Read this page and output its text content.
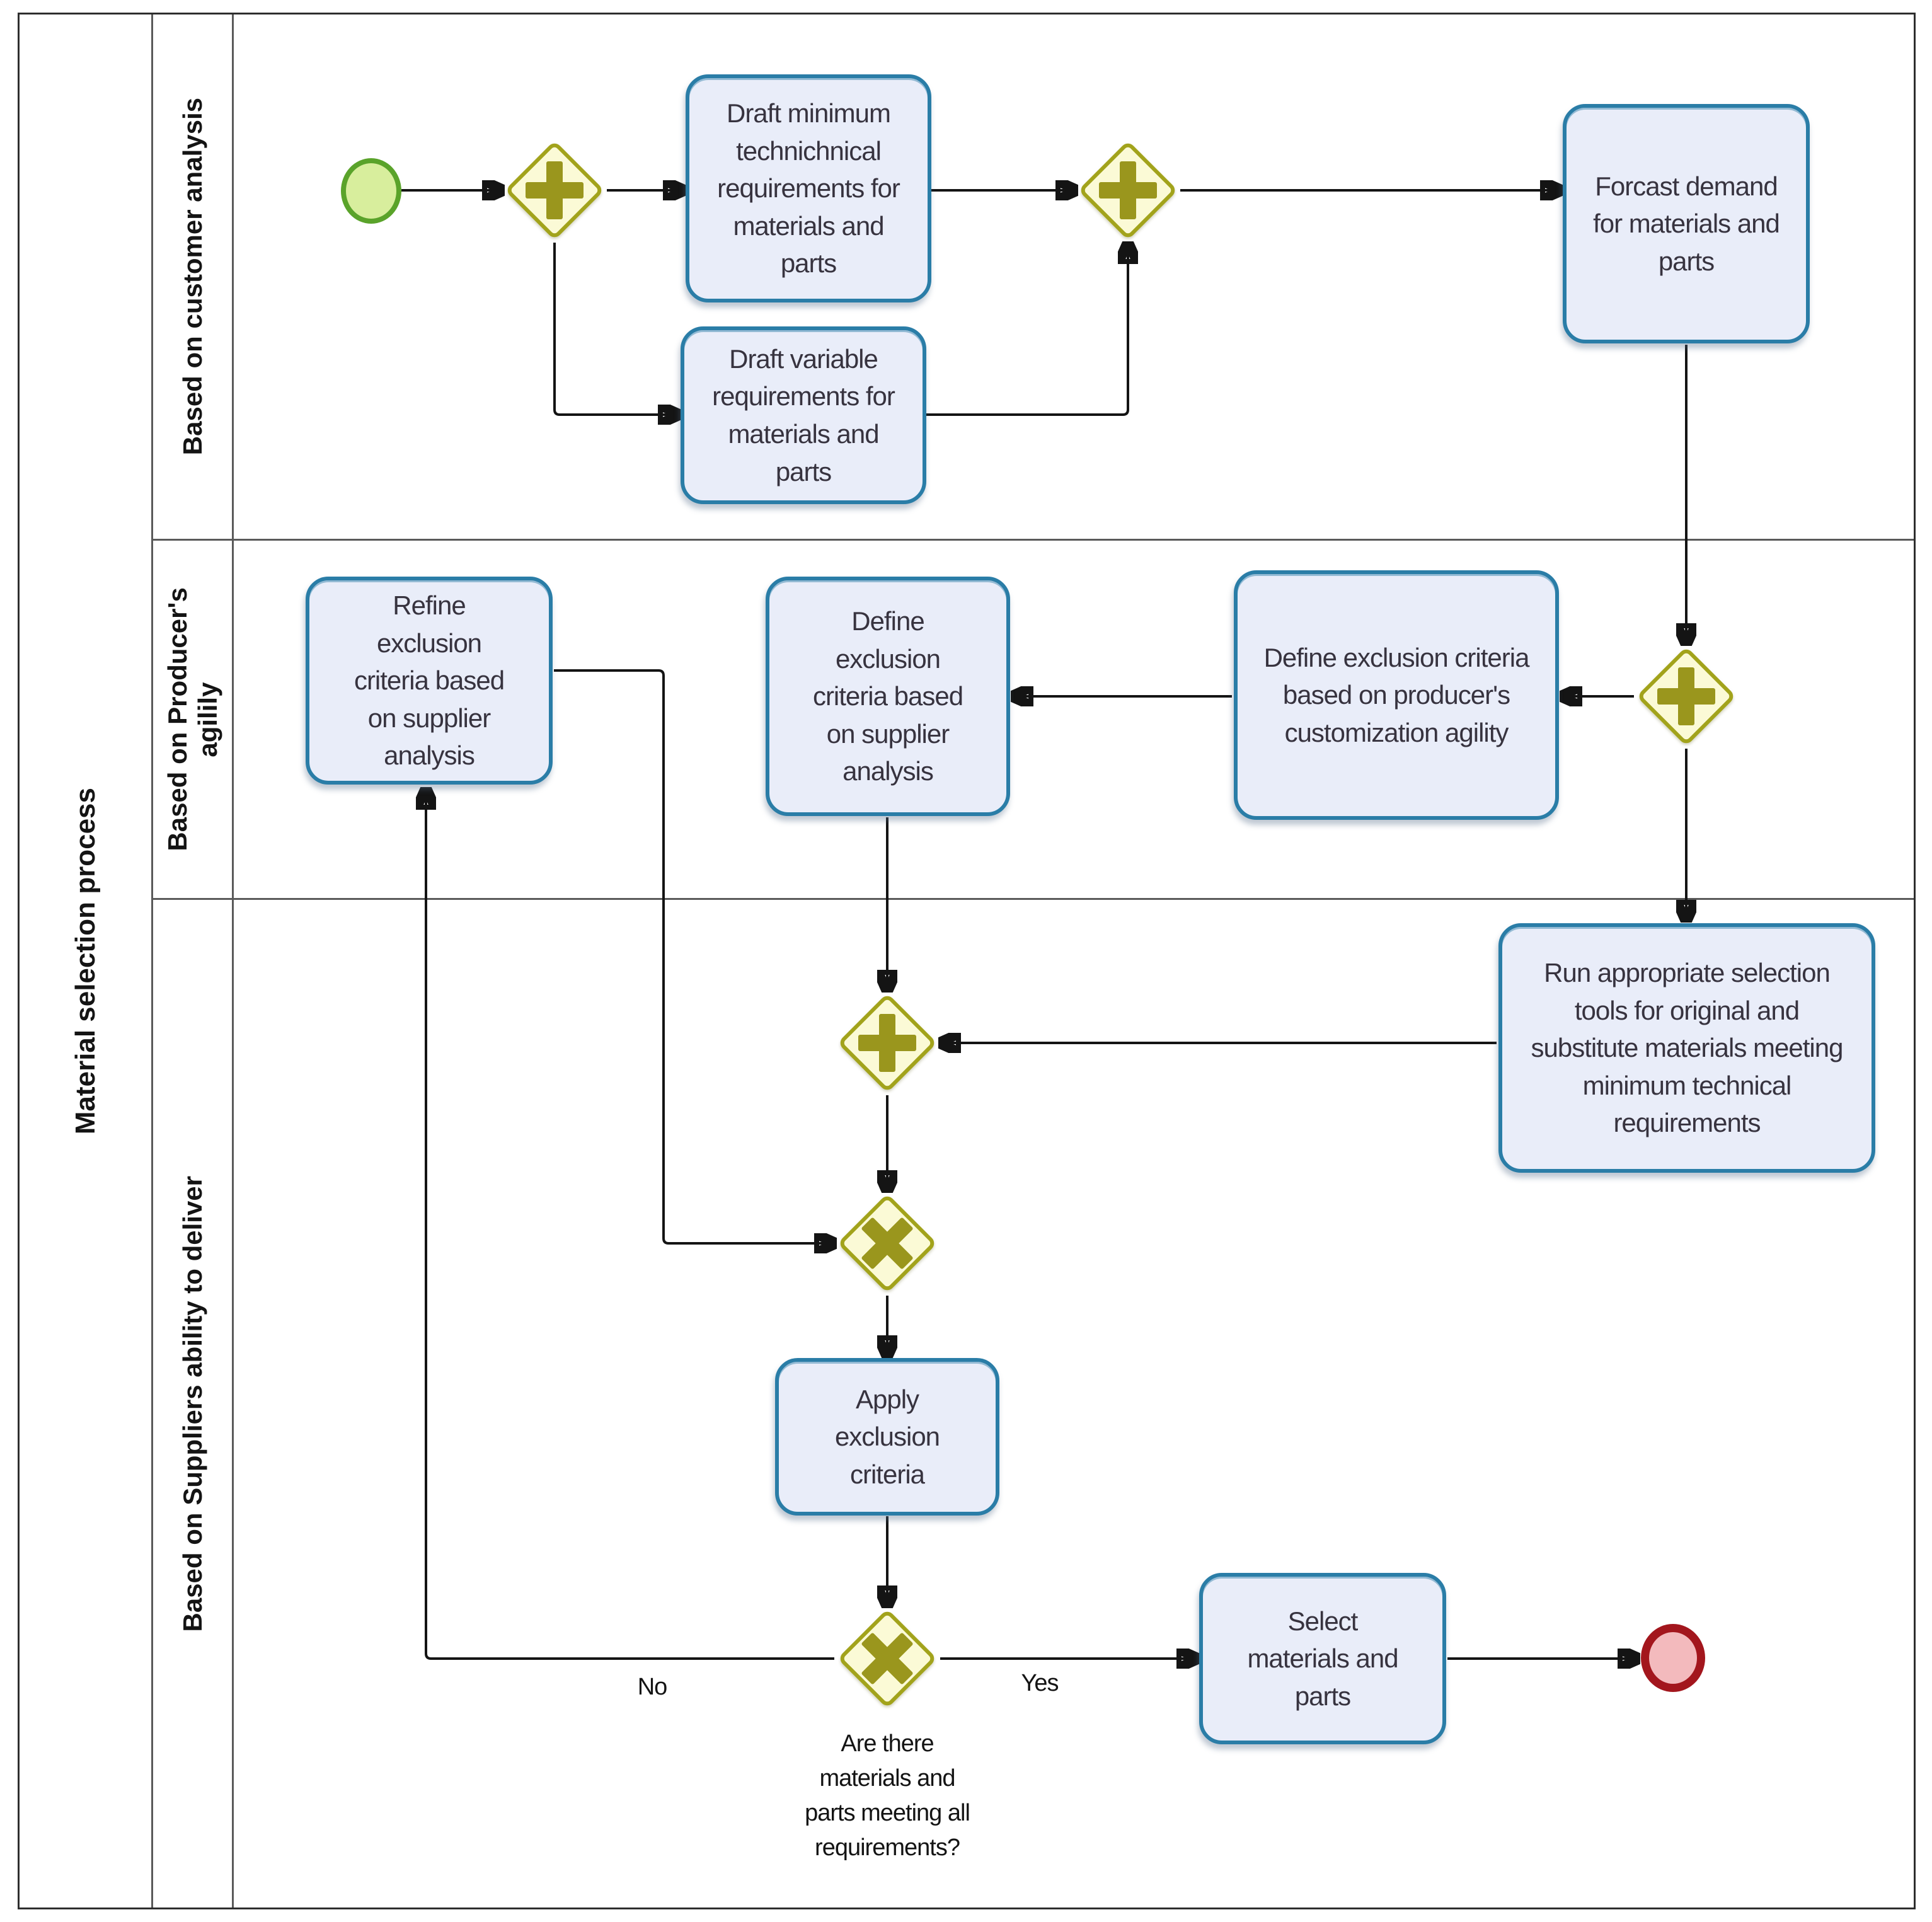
Material selection process
Based on customer analysis
Based on Producer's agilily
Based on Suppliers ability to deliver
Draft minimum technichnical requirements for materials and parts
Draft variable requirements for materials and parts
Forcast demand for materials and parts
Define exclusion criteria based on producer's customization agility
Define exclusion criteria based on supplier analysis
Refine exclusion criteria based on supplier analysis
Run appropriate selection tools for original and substitute materials meeting minimum technical requirements
Apply exclusion criteria
Select materials and parts
No	Yes
Are there materials and parts meeting all requirements?
